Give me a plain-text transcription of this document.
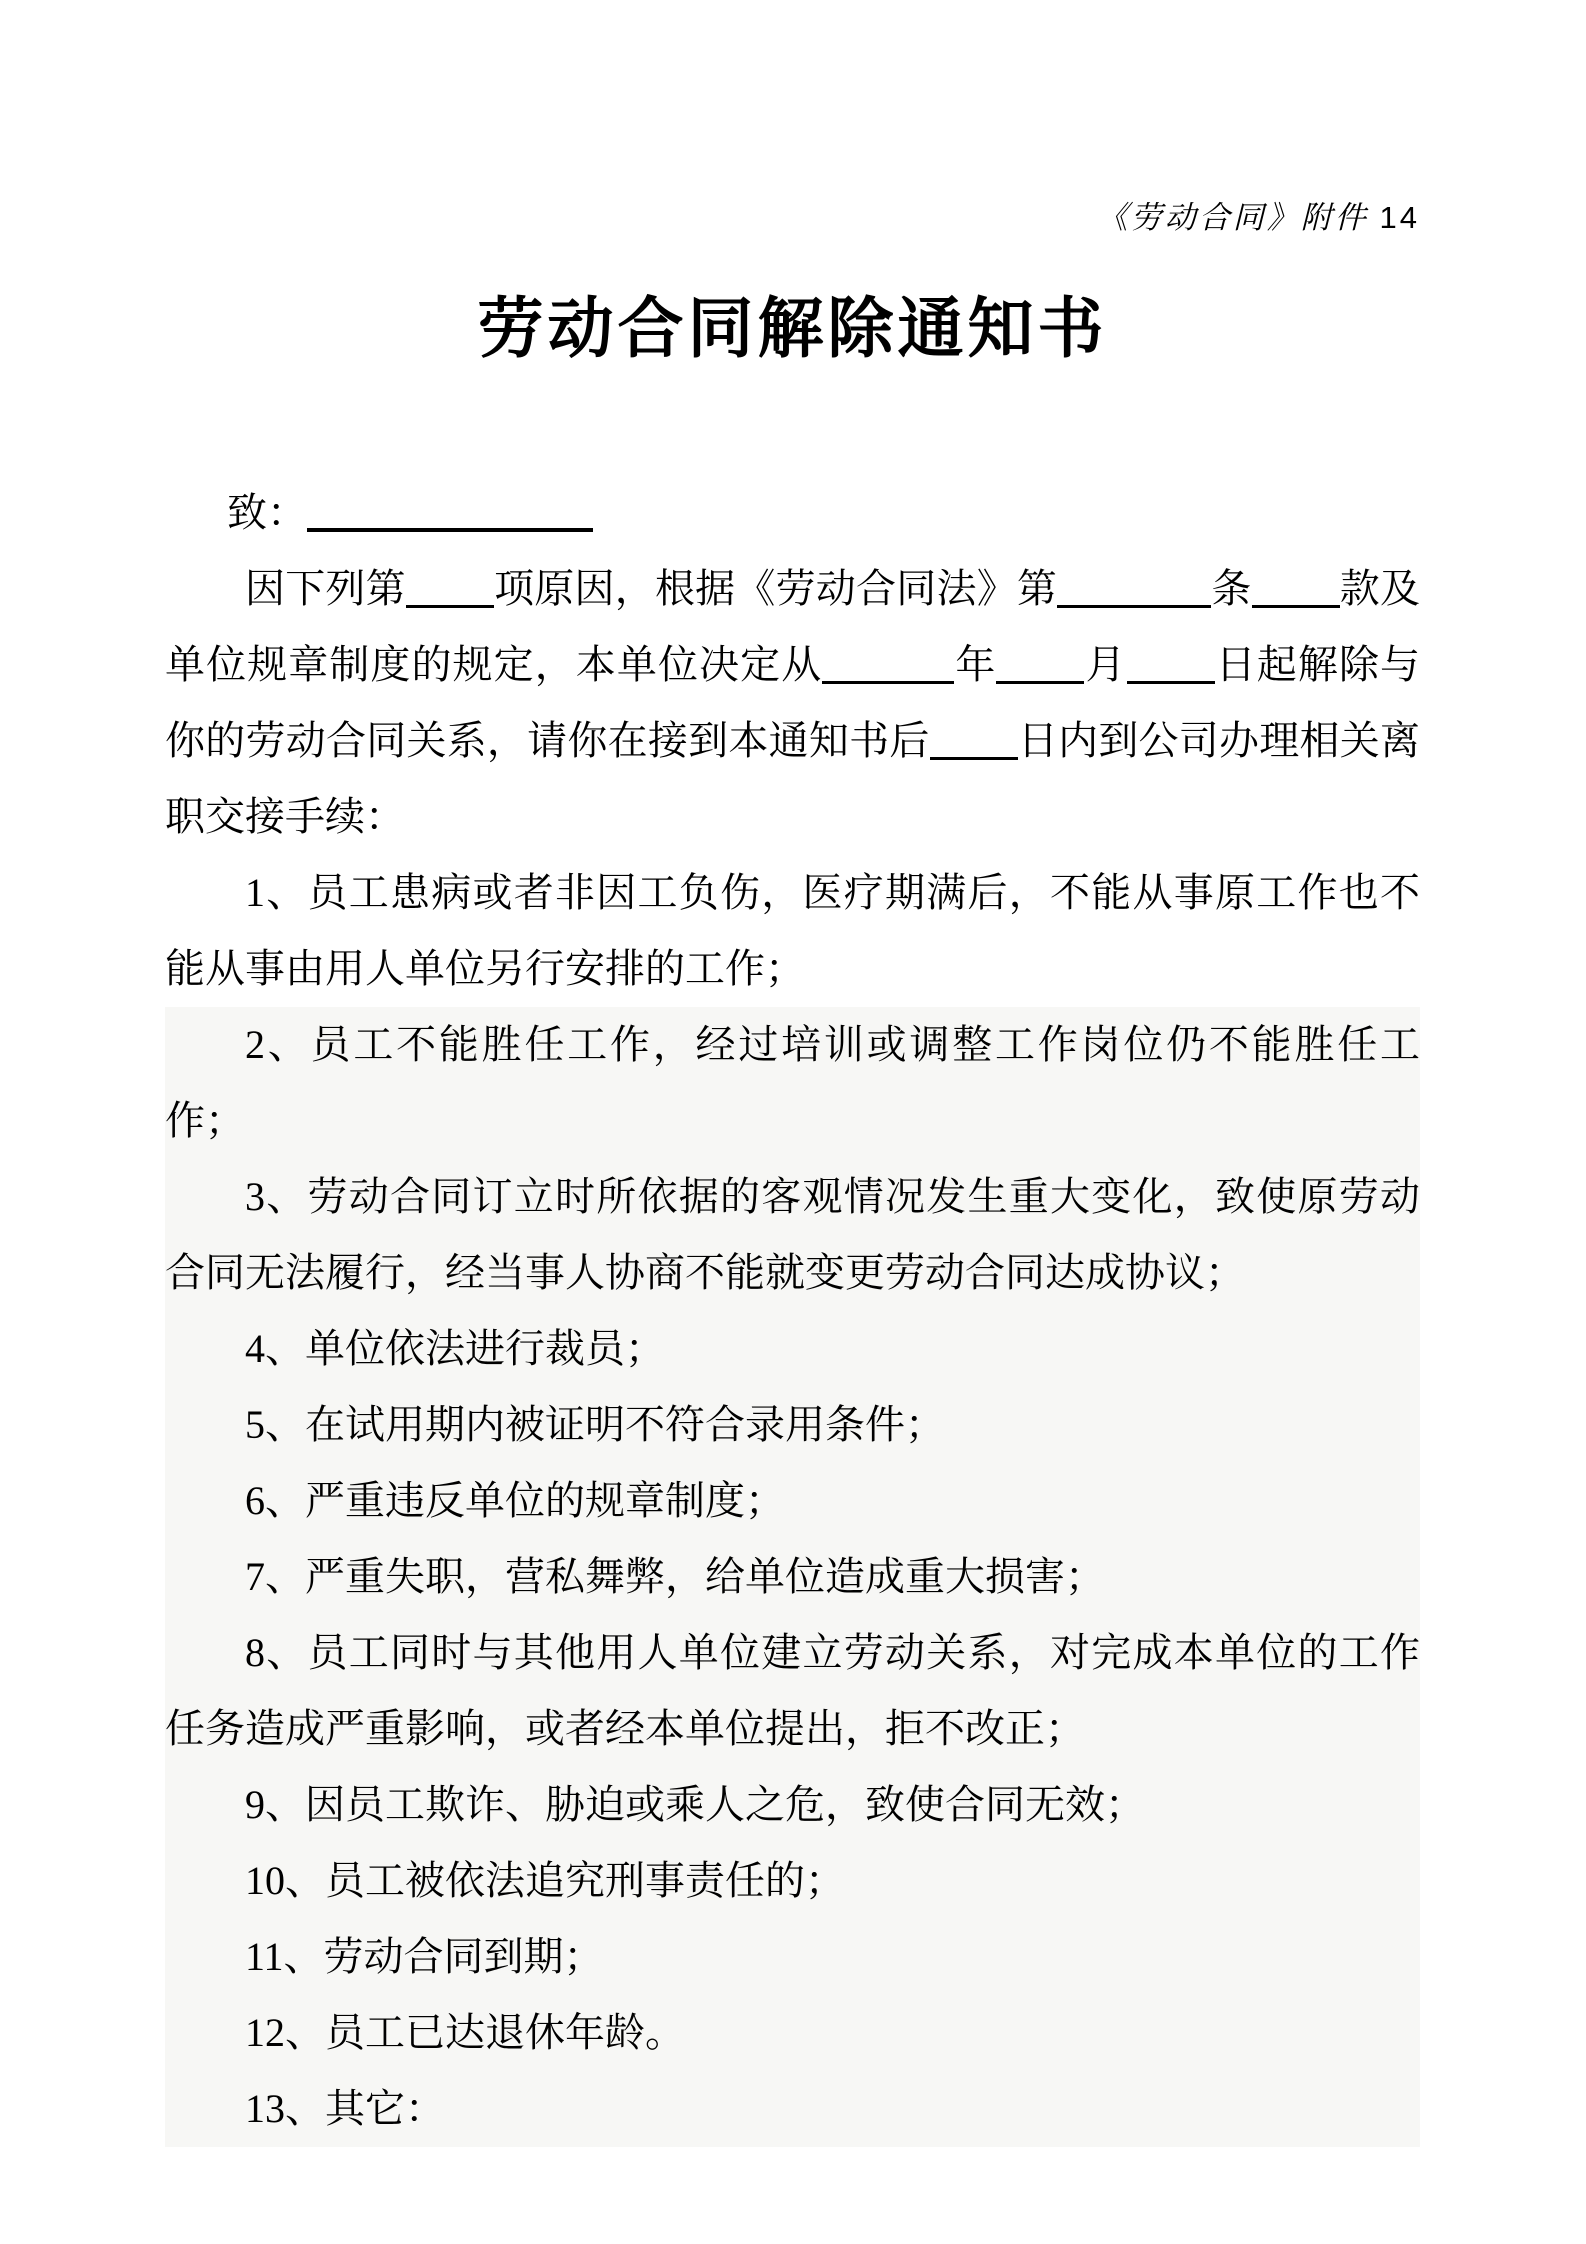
《劳动合同》附件 14
劳动合同解除通知书

致：

因下列第 项原因，根据《劳动合同法》第	条 款及单位规章制度的规定，本单位决定从	年 月 日起解除与你的劳动合同关系，请你在接到本通知书后 日内到公司办理相关离职交接手续：

1、员工患病或者非因工负伤，医疗期满后，不能从事原工作也不能从事由用人单位另行安排的工作；

2、员工不能胜任工作，经过培训或调整工作岗位仍不能胜任工作；

3、劳动合同订立时所依据的客观情况发生重大变化，致使原劳动合同无法履行，经当事人协商不能就变更劳动合同达成协议；

4、单位依法进行裁员；

5、在试用期内被证明不符合录用条件；

6、严重违反单位的规章制度；

7、严重失职，营私舞弊，给单位造成重大损害；

8、员工同时与其他用人单位建立劳动关系，对完成本单位的工作任务造成严重影响，或者经本单位提出，拒不改正；

9、因员工欺诈、胁迫或乘人之危，致使合同无效；

10、员工被依法追究刑事责任的；

11、劳动合同到期；

12、员工已达退休年龄。

13、其它：
